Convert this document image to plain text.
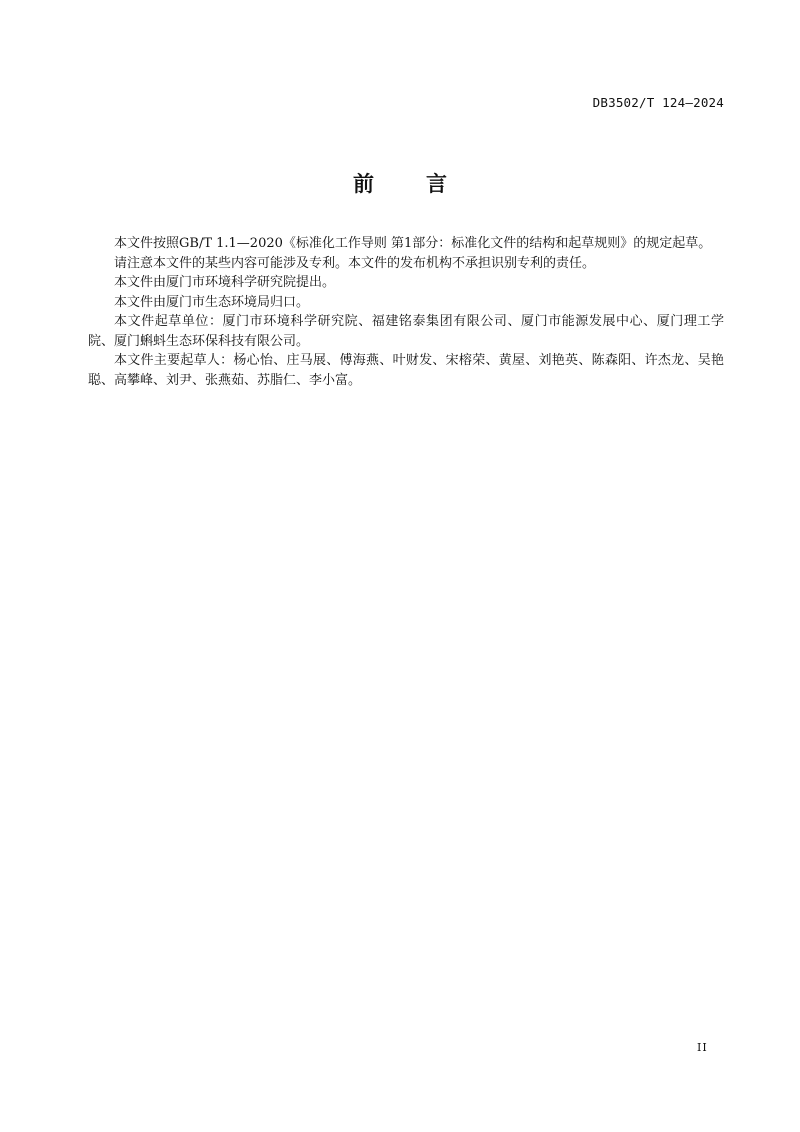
DB3502/T 124—2024
前 言

本文件按照GB/T 1.1—2020《标准化工作导则 第1部分：标准化文件的结构和起草规则》的规定起草。

请注意本文件的某些内容可能涉及专利。本文件的发布机构不承担识别专利的责任。

本文件由厦门市环境科学研究院提出。

本文件由厦门市生态环境局归口。

本文件起草单位：厦门市环境科学研究院、福建铭泰集团有限公司、厦门市能源发展中心、厦门理工学院、厦门蝌蚪生态环保科技有限公司。

本文件主要起草人：杨心怡、庄马展、傅海燕、叶财发、宋榕荣、黄屋、刘艳英、陈森阳、许杰龙、吴艳聪、高攀峰、刘尹、张燕茹、苏脂仁、李小富。

II
